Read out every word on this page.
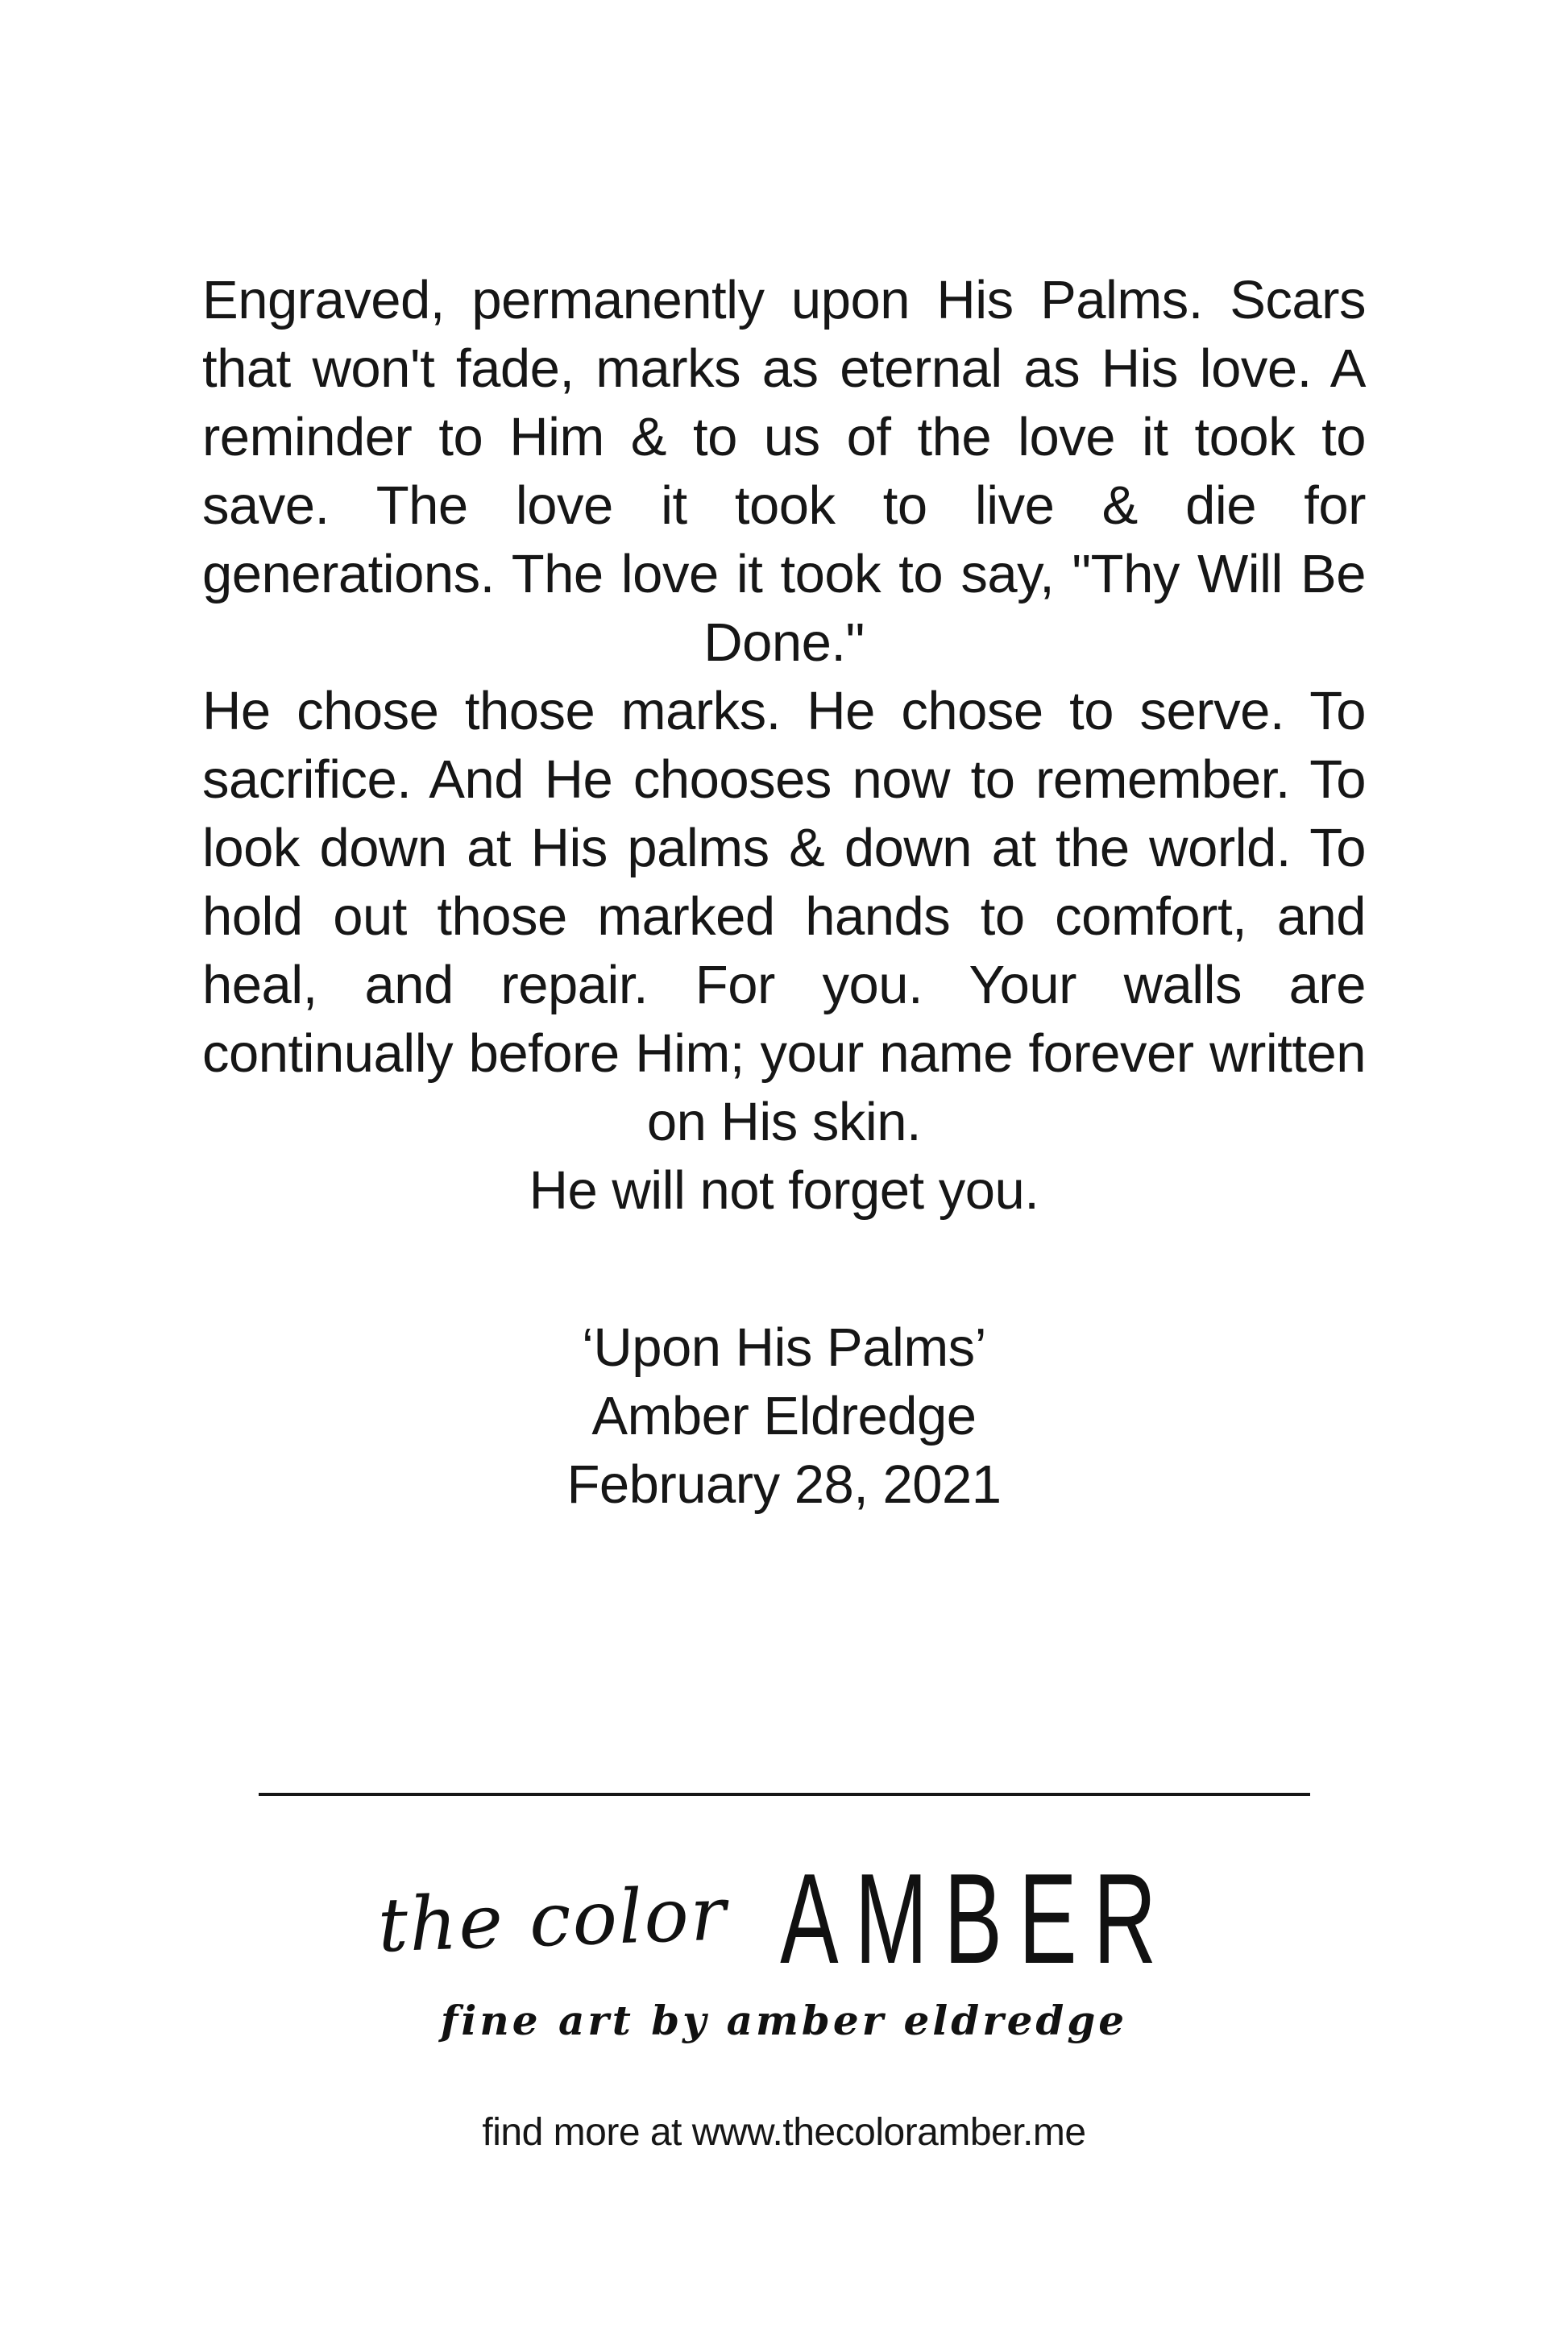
Engraved, permanently upon His Palms. Scars that won't fade, marks as eternal as His love. A reminder to Him & to us of the love it took to save. The love it took to live & die for generations. The love it took to say, "Thy Will Be Done."

He chose those marks. He chose to serve. To sacrifice. And He chooses now to remember. To look down at His palms & down at the world. To hold out those marked hands to comfort, and heal, and repair. For you. Your walls are continually before Him; your name forever written on His skin.

He will not forget you.

‘Upon His Palms’

Amber Eldredge

February 28, 2021

the color AMBER
fine art by amber eldredge
find more at www.thecoloramber.me
